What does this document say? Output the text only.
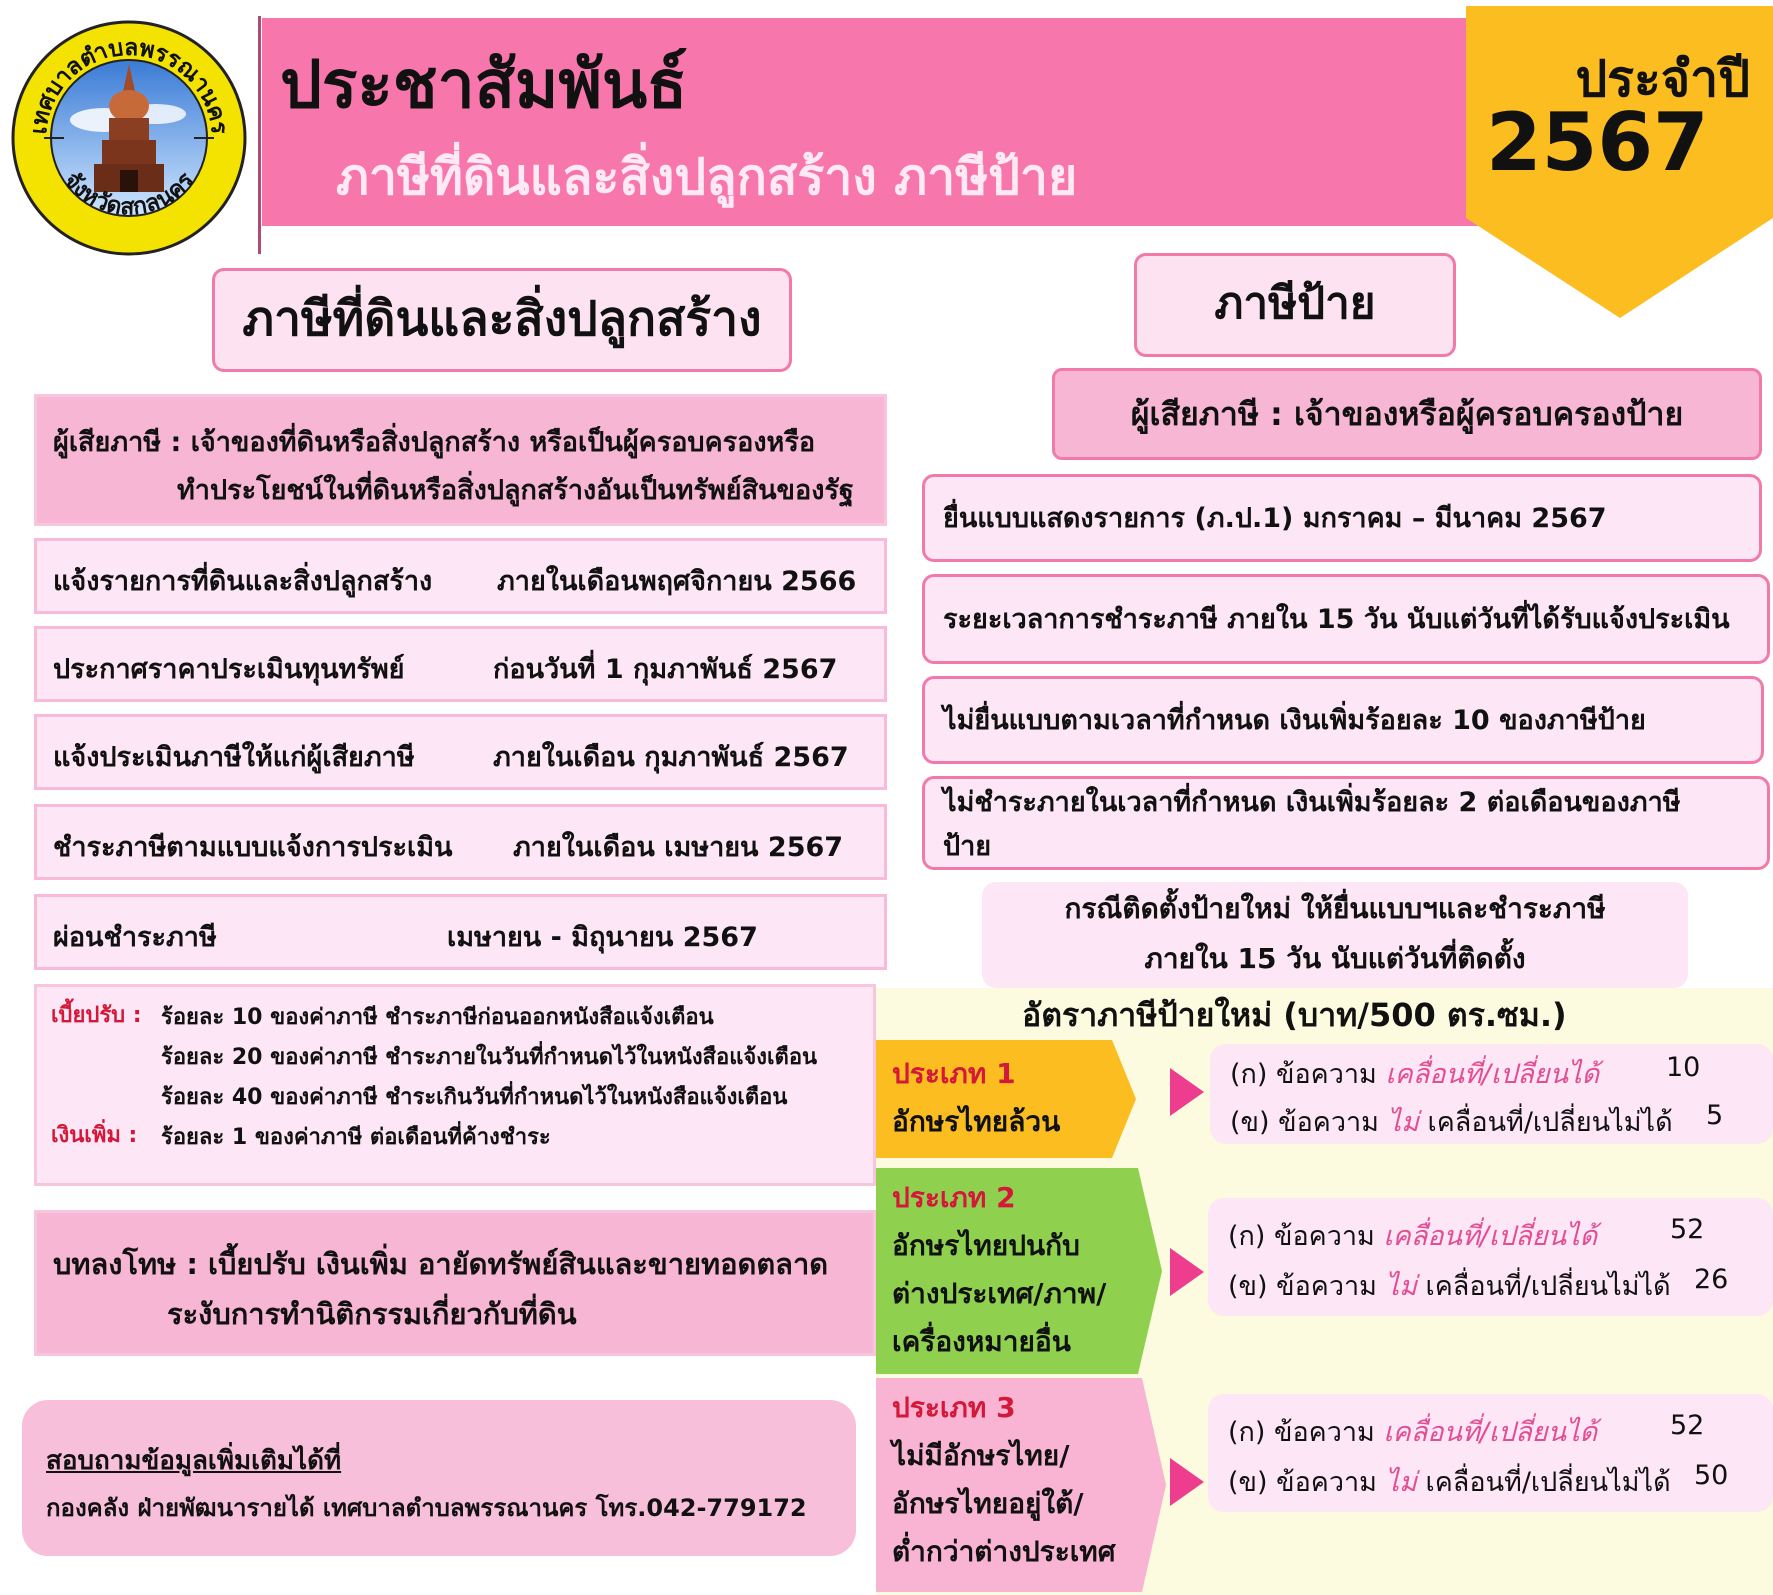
เทศบาลตำบลพรรณานคร
จังหวัดสกลนคร
ประชาสัมพันธ์
ภาษีที่ดินและสิ่งปลูกสร้าง ภาษีป้าย
ประจำปี
2567
ภาษีที่ดินและสิ่งปลูกสร้าง	ภาษีป้าย
ผู้เสียภาษี : เจ้าของที่ดินหรือสิ่งปลูกสร้าง หรือเป็นผู้ครอบครองหรือ
ทำประโยชน์ในที่ดินหรือสิ่งปลูกสร้างอันเป็นทรัพย์สินของรัฐ
แจ้งรายการที่ดินและสิ่งปลูกสร้าง ภายในเดือนพฤศจิกายน 2566
ประกาศราคาประเมินทุนทรัพย์	ก่อนวันที่ 1 กุมภาพันธ์ 2567
แจ้งประเมินภาษีให้แก่ผู้เสียภาษี	ภายในเดือน กุมภาพันธ์ 2567
ชำระภาษีตามแบบแจ้งการประเมิน ภายในเดือน เมษายน 2567
ผ่อนชำระภาษี	เมษายน - มิถุนายน 2567
เบี้ยปรับ : ร้อยละ 10 ของค่าภาษี ชำระภาษีก่อนออกหนังสือแจ้งเตือน
ร้อยละ 20 ของค่าภาษี ชำระภายในวันที่กำหนดไว้ในหนังสือแจ้งเตือน
ร้อยละ 40 ของค่าภาษี ชำระเกินวันที่กำหนดไว้ในหนังสือแจ้งเตือน
เงินเพิ่ม : ร้อยละ 1 ของค่าภาษี ต่อเดือนที่ค้างชำระ
บทลงโทษ : เบี้ยปรับ เงินเพิ่ม อายัดทรัพย์สินและขายทอดตลาด
ระงับการทำนิติกรรมเกี่ยวกับที่ดิน
สอบถามข้อมูลเพิ่มเติมได้ที่
กองคลัง ฝ่ายพัฒนารายได้ เทศบาลตำบลพรรณานคร โทร.042-779172
ผู้เสียภาษี : เจ้าของหรือผู้ครอบครองป้าย
ยื่นแบบแสดงรายการ (ภ.ป.1) มกราคม – มีนาคม 2567
ระยะเวลาการชำระภาษี ภายใน 15 วัน นับแต่วันที่ได้รับแจ้งประเมิน
ไม่ยื่นแบบตามเวลาที่กำหนด เงินเพิ่มร้อยละ 10 ของภาษีป้าย
ไม่ชำระภายในเวลาที่กำหนด เงินเพิ่มร้อยละ 2 ต่อเดือนของภาษี
ป้าย
กรณีติดตั้งป้ายใหม่ ให้ยื่นแบบฯและชำระภาษี
ภายใน 15 วัน นับแต่วันที่ติดตั้ง
อัตราภาษีป้ายใหม่ (บาท/500 ตร.ซม.)
ประเภท 1
อักษรไทยล้วน
ประเภท 2
อักษรไทยปนกับ
ต่างประเทศ/ภาพ/
เครื่องหมายอื่น
ประเภท 3
ไม่มีอักษรไทย/
อักษรไทยอยู่ใต้/
ต่ำกว่าต่างประเทศ
(ก) ข้อความ เคลื่อนที่/เปลี่ยนได้ 10
(ข) ข้อความ ไม่ เคลื่อนที่/เปลี่ยนไม่ได้ 5
(ก) ข้อความ เคลื่อนที่/เปลี่ยนได้	52
(ข) ข้อความ ไม่ เคลื่อนที่/เปลี่ยนไม่ได้ 26
(ก) ข้อความ เคลื่อนที่/เปลี่ยนได้	52
(ข) ข้อความ ไม่ เคลื่อนที่/เปลี่ยนไม่ได้ 50
